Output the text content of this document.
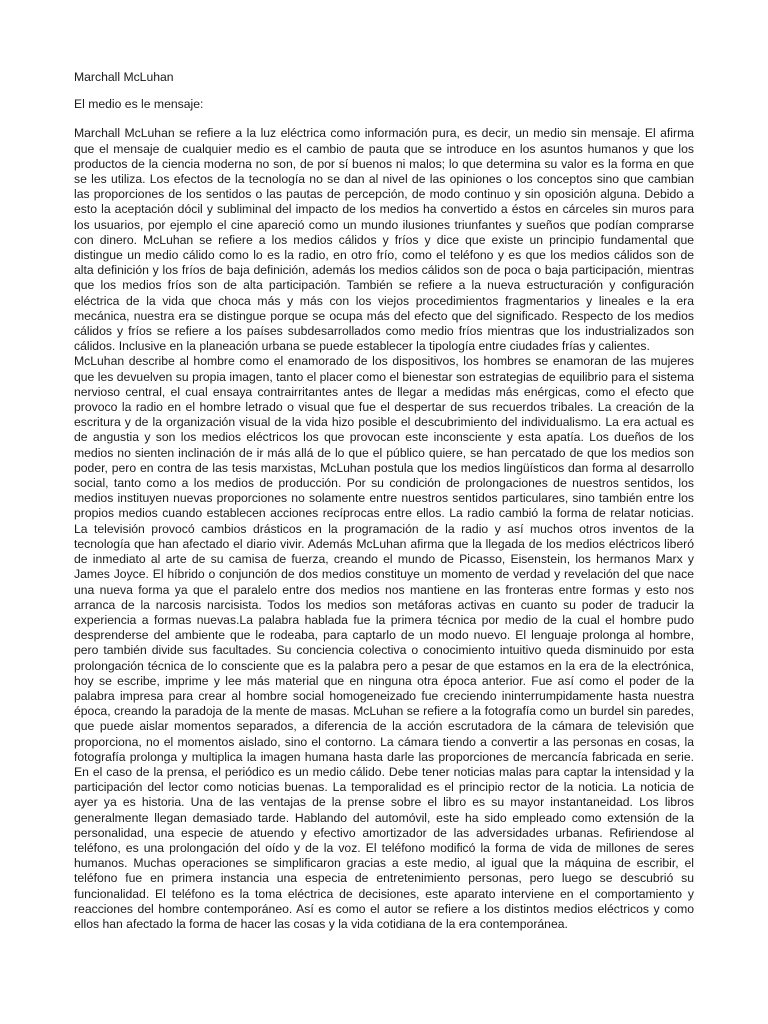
Marchall McLuhan

El medio es le mensaje:

Marchall McLuhan se refiere a la luz eléctrica como información pura, es decir, un medio sin mensaje. El afirma que el mensaje de cualquier medio es el cambio de pauta que se introduce en los asuntos humanos y que los productos de la ciencia moderna no son, de por sí buenos ni malos; lo que determina su valor es la forma en que se les utiliza. Los efectos de la tecnología no se dan al nivel de las opiniones o los conceptos sino que cambian las proporciones de los sentidos o las pautas de percepción, de modo continuo y sin oposición alguna. Debido a esto la aceptación dócil y subliminal del impacto de los medios ha convertido a éstos en cárceles sin muros para los usuarios, por ejemplo el cine apareció como un mundo ilusiones triunfantes y sueños que podían comprarse con dinero. McLuhan se refiere a los medios cálidos y fríos y dice que existe un principio fundamental que distingue un medio cálido como lo es la radio, en otro frío, como el teléfono y es que los medios cálidos son de alta definición y los fríos de baja definición, además los medios cálidos son de poca o baja participación, mientras que los medios fríos son de alta participación. También se refiere a la nueva estructuración y configuración eléctrica de la vida que choca más y más con los viejos procedimientos fragmentarios y lineales e la era mecánica, nuestra era se distingue porque se ocupa más del efecto que del significado. Respecto de los medios cálidos y fríos se refiere a los países subdesarrollados como medio fríos mientras que los industrializados son cálidos. Inclusive en la planeación urbana se puede establecer la tipología entre ciudades frías y calientes.

McLuhan describe al hombre como el enamorado de los dispositivos, los hombres se enamoran de las mujeres que les devuelven su propia imagen, tanto el placer como el bienestar son estrategias de equilibrio para el sistema nervioso central, el cual ensaya contrairritantes antes de llegar a medidas más enérgicas, como el efecto que provoco la radio en el hombre letrado o visual que fue el despertar de sus recuerdos tribales. La creación de la escritura y de la organización visual de la vida hizo posible el descubrimiento del individualismo. La era actual es de angustia y son los medios eléctricos los que provocan este inconsciente y esta apatía. Los dueños de los medios no sienten inclinación de ir más allá de lo que el público quiere, se han percatado de que los medios son poder, pero en contra de las tesis marxistas, McLuhan postula que los medios lingüísticos dan forma al desarrollo social, tanto como a los medios de producción. Por su condición de prolongaciones de nuestros sentidos, los medios instituyen nuevas proporciones no solamente entre nuestros sentidos particulares, sino también entre los propios medios cuando establecen acciones recíprocas entre ellos. La radio cambió la forma de relatar noticias. La televisión provocó cambios drásticos en la programación de la radio y así muchos otros inventos de la tecnología que han afectado el diario vivir. Además McLuhan afirma que la llegada de los medios eléctricos liberó de inmediato al arte de su camisa de fuerza, creando el mundo de Picasso, Eisenstein, los hermanos Marx y James Joyce. El híbrido o conjunción de dos medios constituye un momento de verdad y revelación del que nace una nueva forma ya que el paralelo entre dos medios nos mantiene en las fronteras entre formas y esto nos arranca de la narcosis narcisista. Todos los medios son metáforas activas en cuanto su poder de traducir la experiencia a formas nuevas.La palabra hablada fue la primera técnica por medio de la cual el hombre pudo desprenderse del ambiente que le rodeaba, para captarlo de un modo nuevo. El lenguaje prolonga al hombre, pero también divide sus facultades. Su conciencia colectiva o conocimiento intuitivo queda disminuido por esta prolongación técnica de lo consciente que es la palabra pero a pesar de que estamos en la era de la electrónica, hoy se escribe, imprime y lee más material que en ninguna otra época anterior. Fue así como el poder de la palabra impresa para crear al hombre social homogeneizado fue creciendo ininterrumpidamente hasta nuestra época, creando la paradoja de la mente de masas. McLuhan se refiere a la fotografía como un burdel sin paredes, que puede aislar momentos separados, a diferencia de la acción escrutadora de la cámara de televisión que proporciona, no el momentos aislado, sino el contorno. La cámara tiendo a convertir a las personas en cosas, la fotografía prolonga y multiplica la imagen humana hasta darle las proporciones de mercancía fabricada en serie. En el caso de la prensa, el periódico es un medio cálido. Debe tener noticias malas para captar la intensidad y la participación del lector como noticias buenas. La temporalidad es el principio rector de la noticia. La noticia de ayer ya es historia. Una de las ventajas de la prense sobre el libro es su mayor instantaneidad. Los libros generalmente llegan demasiado tarde. Hablando del automóvil, este ha sido empleado como extensión de la personalidad, una especie de atuendo y efectivo amortizador de las adversidades urbanas. Refiriendose al teléfono, es una prolongación del oído y de la voz. El teléfono modificó la forma de vida de millones de seres humanos. Muchas operaciones se simplificaron gracias a este medio, al igual que la máquina de escribir, el teléfono fue en primera instancia una especia de entretenimiento personas, pero luego se descubrió su funcionalidad. El teléfono es la toma eléctrica de decisiones, este aparato interviene en el comportamiento y reacciones del hombre contemporáneo. Así es como el autor se refiere a los distintos medios eléctricos y como ellos han afectado la forma de hacer las cosas y la vida cotidiana de la era contemporánea.
